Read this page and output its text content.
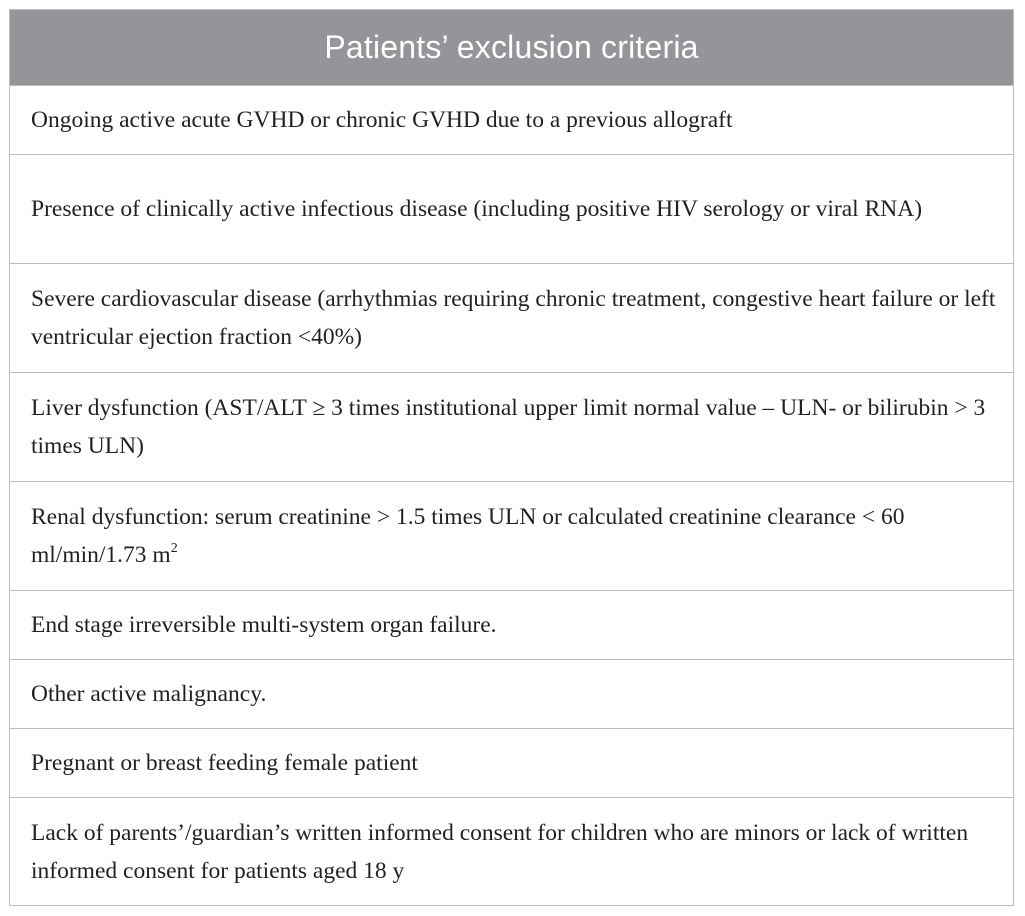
Patients’ exclusion criteria
Ongoing active acute GVHD or chronic GVHD due to a previous allograft
Presence of clinically active infectious disease (including positive HIV serology or viral RNA)
Severe cardiovascular disease (arrhythmias requiring chronic treatment, congestive heart failure or left ventricular ejection fraction <40%)
Liver dysfunction (AST/ALT ≥ 3 times institutional upper limit normal value – ULN- or bilirubin > 3 times ULN)
Renal dysfunction: serum creatinine > 1.5 times ULN or calculated creatinine clearance < 60 ml/min/1.73 $m^2$
End stage irreversible multi-system organ failure.
Other active malignancy.
Pregnant or breast feeding female patient
Lack of parents’/guardian’s written informed consent for children who are minors or lack of written informed consent for patients aged 18 y
